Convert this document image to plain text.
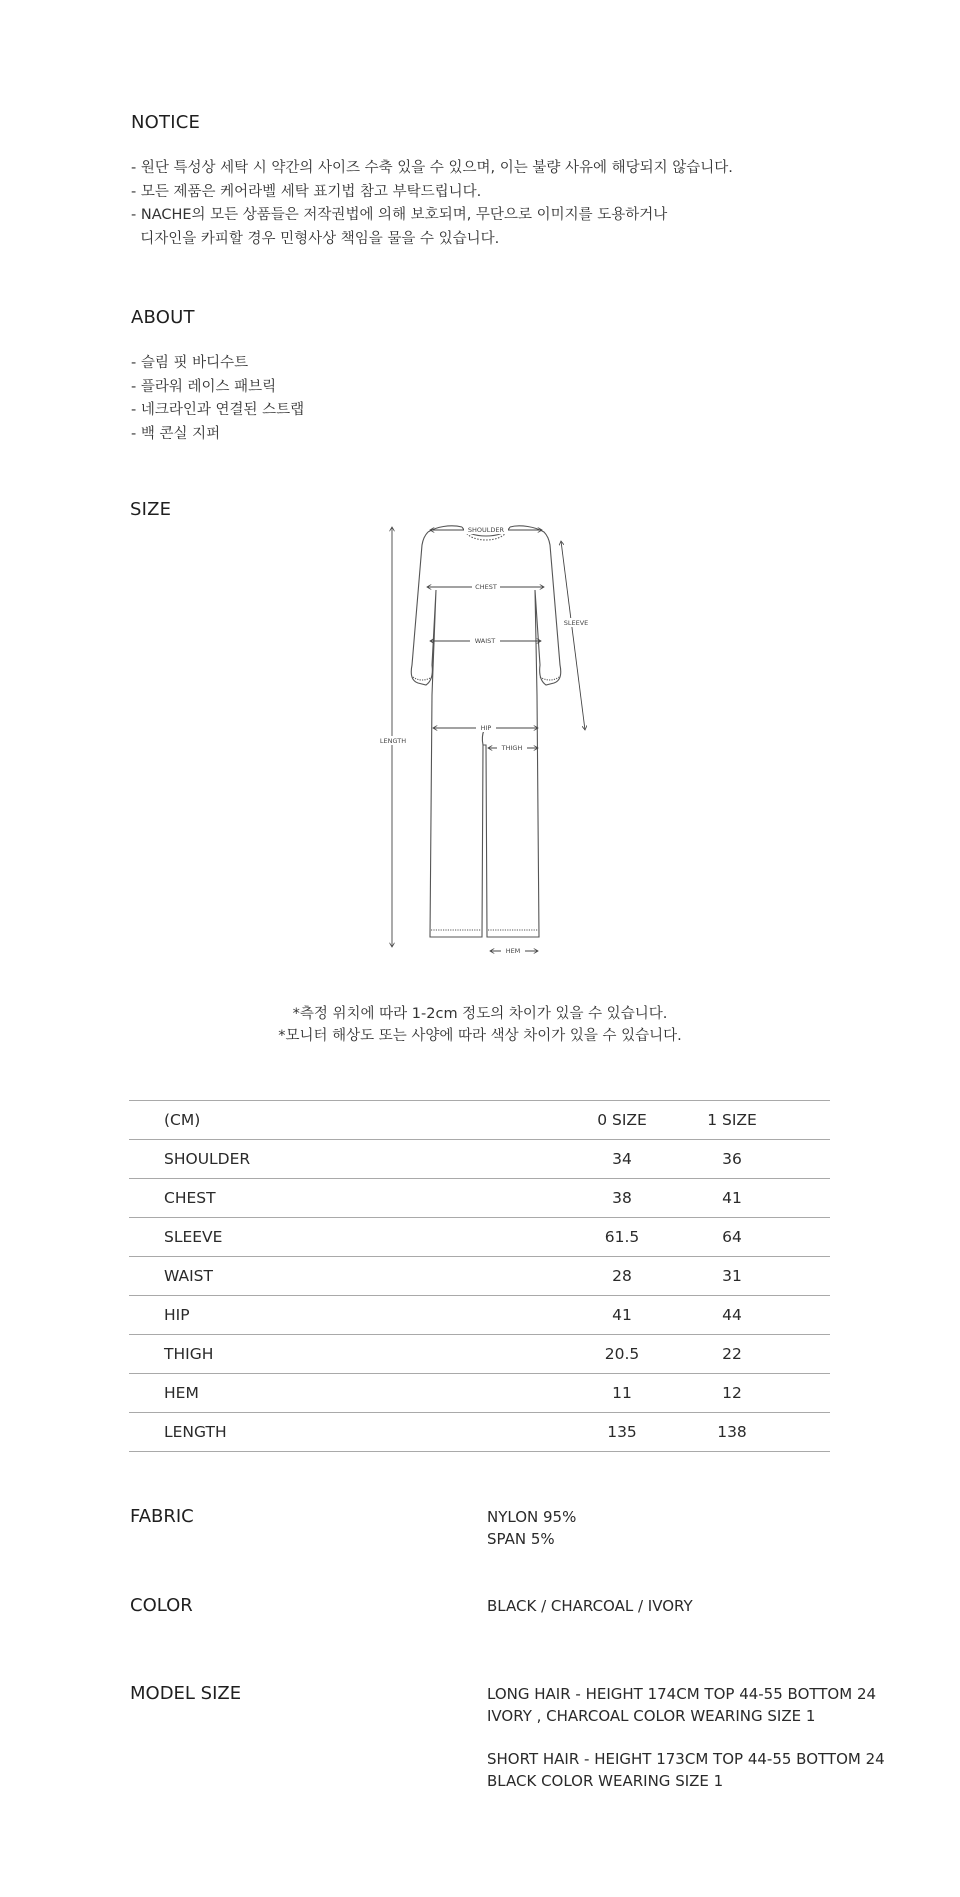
NOTICE
- 원단 특성상 세탁 시 약간의 사이즈 수축 있을 수 있으며, 이는 불량 사유에 해당되지 않습니다.
- 모든 제품은 케어라벨 세탁 표기법 참고 부탁드립니다.
- NACHE의 모든 상품들은 저작권법에 의해 보호되며, 무단으로 이미지를 도용하거나
디자인을 카피할 경우 민형사상 책임을 물을 수 있습니다.
ABOUT
- 슬림 핏 바디수트
- 플라워 레이스 패브릭
- 네크라인과 연결된 스트랩
- 백 콘실 지퍼
SIZE
SHOULDER
CHEST
WAIST
HIP
THIGH
SLEEVE
LENGTH
HEM
*측정 위치에 따라 1-2cm 정도의 차이가 있을 수 있습니다.
*모니터 해상도 또는 사양에 따라 색상 차이가 있을 수 있습니다.
(CM)	0 SIZE	1 SIZE	
SHOULDER	34	36	
CHEST	38	41	
SLEEVE	61.5	64	
WAIST	28	31	
HIP	41	44	
THIGH	20.5	22	
HEM	11	12	
LENGTH	135	138	
FABRIC	NYLON 95%
SPAN 5%
COLOR	BLACK / CHARCOAL / IVORY
MODEL SIZE	LONG HAIR - HEIGHT 174CM TOP 44-55 BOTTOM 24
IVORY , CHARCOAL COLOR WEARING SIZE 1
SHORT HAIR - HEIGHT 173CM TOP 44-55 BOTTOM 24
BLACK COLOR WEARING SIZE 1
